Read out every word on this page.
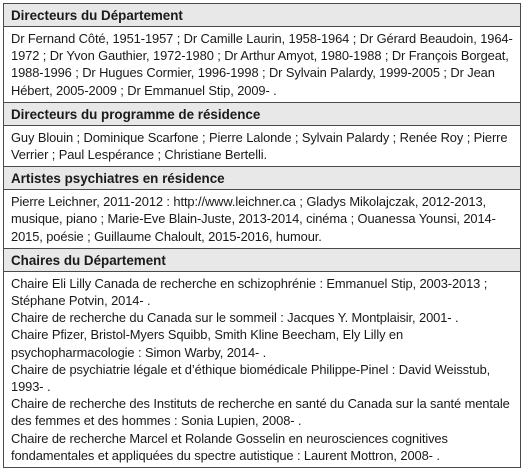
Directeurs du Département
Dr Fernand Côté, 1951-1957 ; Dr Camille Laurin, 1958-1964 ; Dr Gérard Beaudoin, 1964-1972 ; Dr Yvon Gauthier, 1972-1980 ; Dr Arthur Amyot, 1980-1988 ; Dr François Borgeat, 1988-1996 ; Dr Hugues Cormier, 1996-1998 ; Dr Sylvain Palardy, 1999-2005 ; Dr Jean Hébert, 2005-2009 ; Dr Emmanuel Stip, 2009- .
Directeurs du programme de résidence
Guy Blouin ; Dominique Scarfone ; Pierre Lalonde ; Sylvain Palardy ; Renée Roy ; Pierre Verrier ; Paul Lespérance ; Christiane Bertelli.
Artistes psychiatres en résidence
Pierre Leichner, 2011-2012 : http://www.leichner.ca ; Gladys Mikolajczak, 2012-2013, musique, piano ; Marie-Eve Blain-Juste, 2013-2014, cinéma ; Ouanessa Younsi, 2014-2015, poésie ; Guillaume Chaloult, 2015-2016, humour.
Chaires du Département

Chaire Eli Lilly Canada de recherche en schizophrénie : Emmanuel Stip, 2003-2013 ; Stéphane Potvin, 2014- .
Chaire de recherche du Canada sur le sommeil : Jacques Y. Montplaisir, 2001- .
Chaire Pfizer, Bristol-Myers Squibb, Smith Kline Beecham, Ely Lilly en psychopharmacologie : Simon Warby, 2014- .
Chaire de psychiatrie légale et d’éthique biomédicale Philippe-Pinel : David Weisstub, 1993- .
Chaire de recherche des Instituts de recherche en santé du Canada sur la santé mentale des femmes et des hommes : Sonia Lupien, 2008- .
Chaire de recherche Marcel et Rolande Gosselin en neurosciences cognitives fondamentales et appliquées du spectre autistique : Laurent Mottron, 2008- .
